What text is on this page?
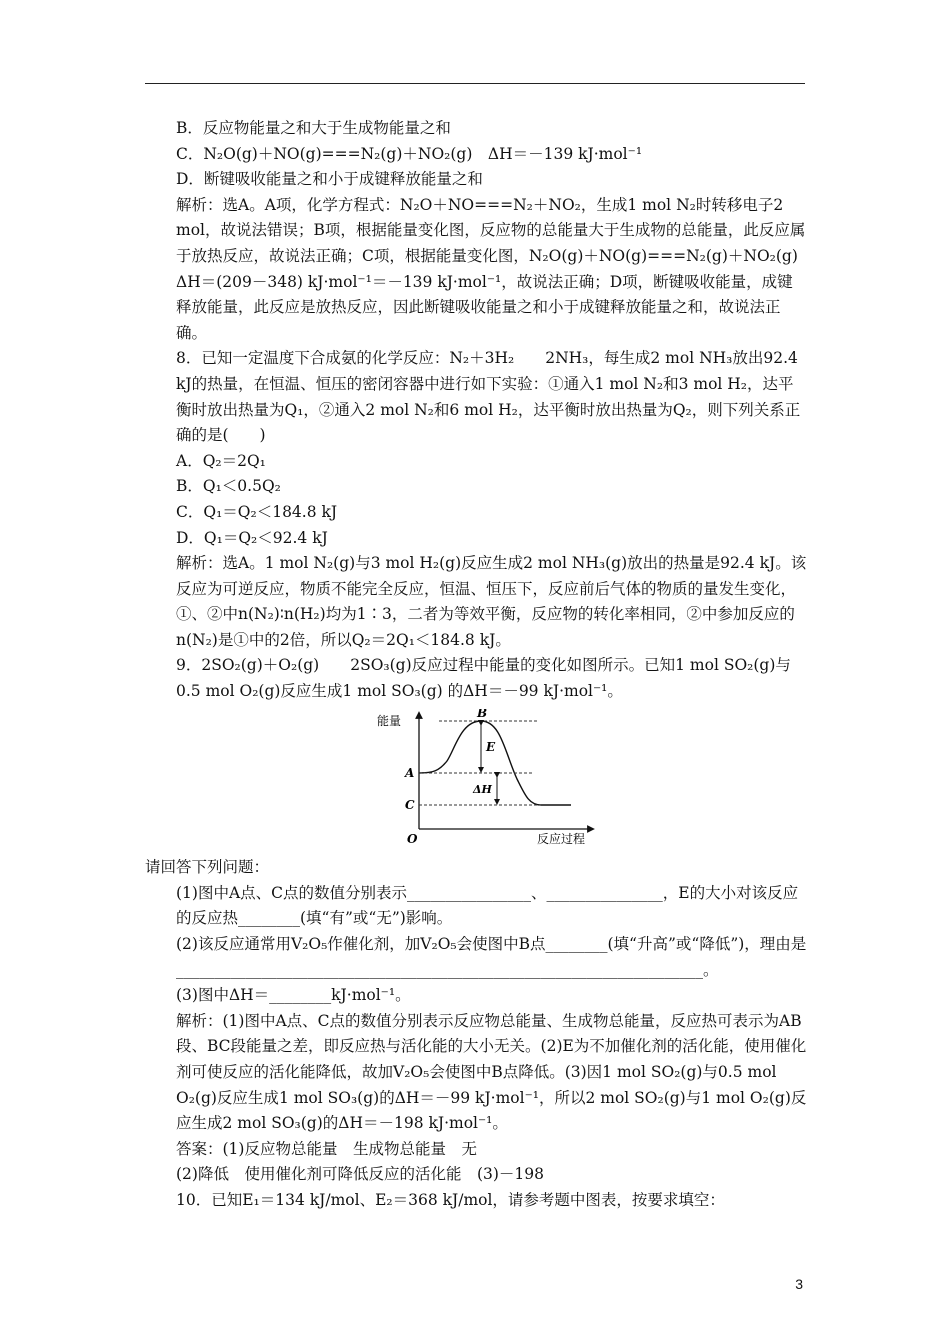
B．反应物能量之和大于生成物能量之和

C．N₂O(g)＋NO(g)===N₂(g)＋NO₂(g)　ΔH＝－139 kJ·mol⁻¹

D．断键吸收能量之和小于成键释放能量之和

解析：选A。A项，化学方程式：N₂O＋NO===N₂＋NO₂，生成1 mol N₂时转移电子2 mol，故说法错误；B项，根据能量变化图，反应物的总能量大于生成物的总能量，此反应属于放热反应，故说法正确；C项，根据能量变化图，N₂O(g)＋NO(g)===N₂(g)＋NO₂(g)　ΔH＝(209－348) kJ·mol⁻¹＝－139 kJ·mol⁻¹，故说法正确；D项，断键吸收能量，成键释放能量，此反应是放热反应，因此断键吸收能量之和小于成键释放能量之和，故说法正确。

8．已知一定温度下合成氨的化学反应：N₂＋3H₂　　2NH₃，每生成2 mol NH₃放出92.4 kJ的热量，在恒温、恒压的密闭容器中进行如下实验：①通入1 mol N₂和3 mol H₂，达平衡时放出热量为Q₁，②通入2 mol N₂和6 mol H₂，达平衡时放出热量为Q₂，则下列关系正确的是(　　)

A．Q₂＝2Q₁

B．Q₁＜0.5Q₂

C．Q₁＝Q₂＜184.8 kJ

D．Q₁＝Q₂＜92.4 kJ

解析：选A。1 mol N₂(g)与3 mol H₂(g)反应生成2 mol NH₃(g)放出的热量是92.4 kJ。该反应为可逆反应，物质不能完全反应，恒温、恒压下，反应前后气体的物质的量发生变化，①、②中n(N₂)∶n(H₂)均为1∶3，二者为等效平衡，反应物的转化率相同，②中参加反应的n(N₂)是①中的2倍，所以Q₂＝2Q₁＜184.8 kJ。

9．2SO₂(g)＋O₂(g)　　2SO₃(g)反应过程中能量的变化如图所示。已知1 mol SO₂(g)与0.5 mol O₂(g)反应生成1 mol SO₃(g) 的ΔH＝－99 kJ·mol⁻¹。

能量
反应过程
O
B
A
C
E
ΔH

请回答下列问题：

(1)图中A点、C点的数值分别表示________________、_______________，E的大小对该反应的反应热________(填“有”或“无”)影响。

(2)该反应通常用V₂O₅作催化剂，加V₂O₅会使图中B点________(填“升高”或“降低”)，理由是

____________________________________________________________________。

(3)图中ΔH＝________kJ·mol⁻¹。

解析：(1)图中A点、C点的数值分别表示反应物总能量、生成物总能量，反应热可表示为AB段、BC段能量之差，即反应热与活化能的大小无关。(2)E为不加催化剂的活化能，使用催化剂可使反应的活化能降低，故加V₂O₅会使图中B点降低。(3)因1 mol SO₂(g)与0.5 mol O₂(g)反应生成1 mol SO₃(g)的ΔH＝－99 kJ·mol⁻¹，所以2 mol SO₂(g)与1 mol O₂(g)反应生成2 mol SO₃(g)的ΔH＝－198 kJ·mol⁻¹。

答案：(1)反应物总能量　生成物总能量　无

(2)降低　使用催化剂可降低反应的活化能　(3)－198

10．已知E₁＝134 kJ/mol、E₂＝368 kJ/mol，请参考题中图表，按要求填空：

3
